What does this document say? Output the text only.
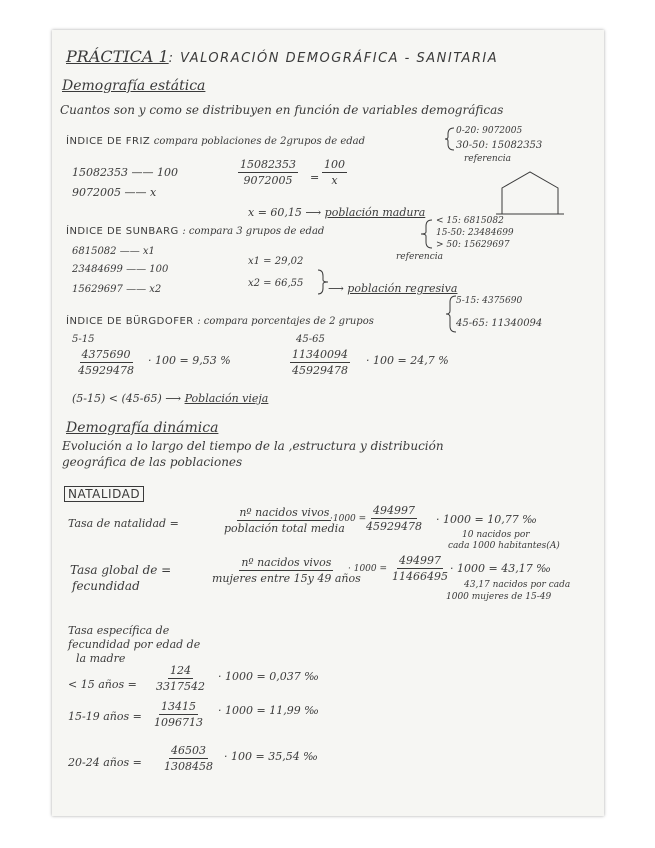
PRÁCTICA 1: VALORACIÓN DEMOGRÁFICA - SANITARIA
Demografía estática
Cuantos son y como se distribuyen en función de variables demográficas
ÍNDICE DE FRIZ compara poblaciones de 2grupos de edad
0-20: 9072005
30-50: 15082353
referencia
15082353 —— 100
9072005 —— x
$\frac{15082353}{9072005} = \frac{100}{x}$
x = 60,15 ⟶ población madura
ÍNDICE DE SUNBARG : compara 3 grupos de edad
< 15: 6815082
15-50: 23484699
> 50: 15629697
referencia
6815082 —— x1
23484699 —— 100
15629697 —— x2
x1 = 29,02
x2 = 66,55 ⟶ población regresiva
ÍNDICE DE BÜRGDOFER : compara porcentajes de 2 grupos
5-15: 4375690
45-65: 11340094
5-15	45-65
$\frac{4375690}{45929478} \cdot 100 = 9,53$ %	$\frac{11340094}{45929478} \cdot 100 = 24,7$ %
(5-15) < (45-65) ⟶ Población vieja
Demografía dinámica
Evolución a lo largo del tiempo de la ,estructura y distribución
geográfica de las poblaciones
NATALIDAD
Tasa de natalidad =
nº nacidos vivos
población total media
·1000 =
$\frac{494997}{45929478} \cdot 1000 = 10,77$ ‰
10 nacidos por
cada 1000 habitantes(A)
Tasa global de =
fecundidad
nº nacidos vivos
mujeres entre 15y 49 años
· $1000 = \frac{494997}{11466495} \cdot 1000 = 43,17$ ‰
43,17 nacidos por cada
1000 mujeres de 15-49
Tasa específica de
fecundidad por edad de
la madre
< 15 años = $\frac{124}{3317542} \cdot 1000 = 0,037$ ‰
15-19 años = $\frac{13415}{1096713} \cdot 1000 = 11,99$ ‰
20-24 años = $\frac{46503}{1308458} \cdot 100 = 35,54$ ‰
